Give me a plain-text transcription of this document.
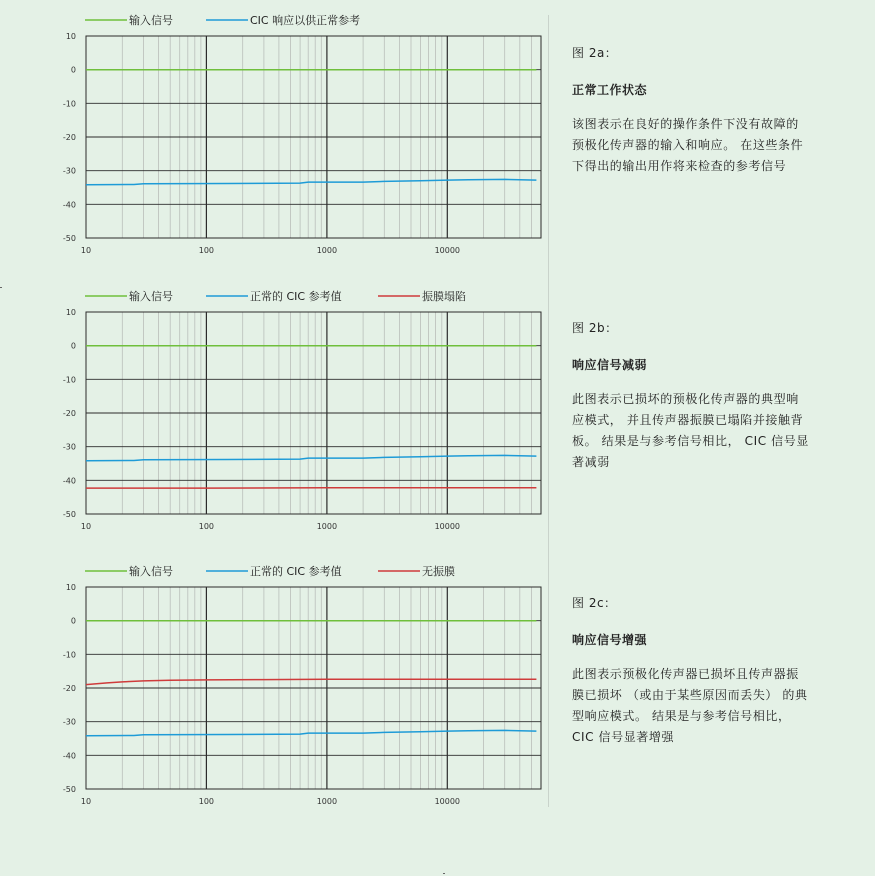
10
0
-10
-20
-30
-40
-50
10	100	1000	10000
输入信号	CIC 响应以供正常参考
10
0
-10
-20
-30
-40
-50
10	100	1000	10000
输入信号	正常的 CIC 参考值	振膜塌陷
10
0
-10
-20
-30
-40
-50
10	100	1000	10000
输入信号	正常的 CIC 参考值	无振膜
图 2a：
正常工作状态
该图表示在良好的操作条件下没有故障的
预极化传声器的输入和响应。 在这些条件
下得出的输出用作将来检查的参考信号
图 2b：
响应信号减弱
此图表示已损坏的预极化传声器的典型响
应模式， 并且传声器振膜已塌陷并接触背
板。 结果是与参考信号相比， CIC 信号显
著减弱
图 2c：
响应信号增强
此图表示预极化传声器已损坏且传声器振
膜已损坏 （或由于某些原因而丢失） 的典
型响应模式。 结果是与参考信号相比，
CIC 信号显著增强
